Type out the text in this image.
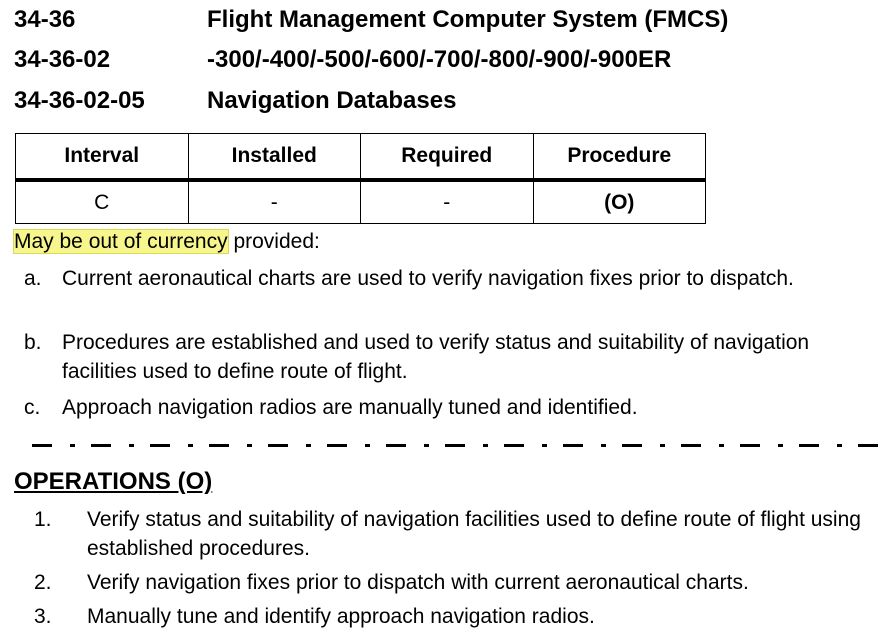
34-36	Flight Management Computer System (FMCS)
34-36-02	-300/-400/-500/-600/-700/-800/-900/-900ER
34-36-02-05	Navigation Databases
Interval	Installed	Required	Procedure
C	-	-	(O)
May be out of currency provided:
a. Current aeronautical charts are used to verify navigation fixes prior to dispatch.
b. Procedures are established and used to verify status and suitability of navigation facilities used to define route of flight.
c. Approach navigation radios are manually tuned and identified.
OPERATIONS (O)
1. Verify status and suitability of navigation facilities used to define route of flight using established procedures.
2. Verify navigation fixes prior to dispatch with current aeronautical charts.
3. Manually tune and identify approach navigation radios.
